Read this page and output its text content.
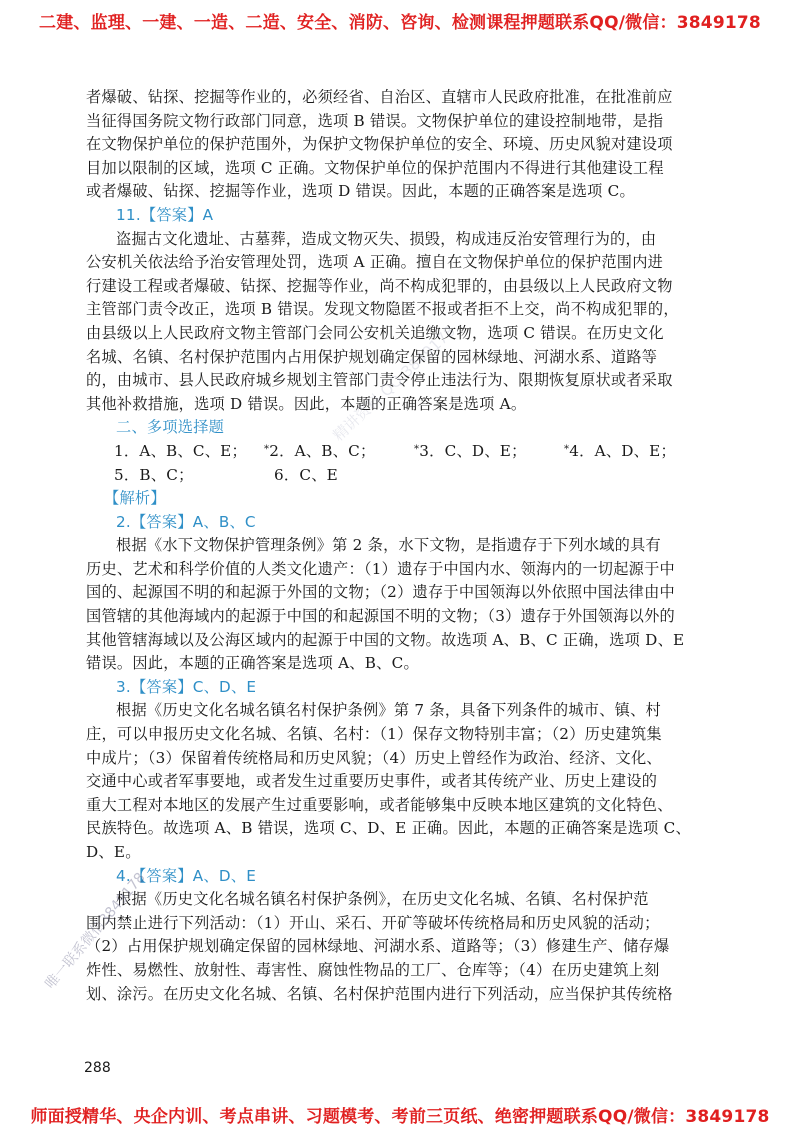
二建、监理、一建、一造、二造、安全、消防、咨询、检测课程押题联系QQ/微信：3849178
者爆破、钻探、挖掘等作业的，必须经省、自治区、直辖市人民政府批准，在批准前应
当征得国务院文物行政部门同意，选项 B 错误。文物保护单位的建设控制地带，是指
在文物保护单位的保护范围外，为保护文物保护单位的安全、环境、历史风貌对建设项
目加以限制的区域，选项 C 正确。文物保护单位的保护范围内不得进行其他建设工程
或者爆破、钻探、挖掘等作业，选项 D 错误。因此，本题的正确答案是选项 C。
11.【答案】A
盗掘古文化遗址、古墓葬，造成文物灭失、损毁，构成违反治安管理行为的，由
公安机关依法给予治安管理处罚，选项 A 正确。擅自在文物保护单位的保护范围内进
行建设工程或者爆破、钻探、挖掘等作业，尚不构成犯罪的，由县级以上人民政府文物
主管部门责令改正，选项 B 错误。发现文物隐匿不报或者拒不上交，尚不构成犯罪的，
由县级以上人民政府文物主管部门会同公安机关追缴文物，选项 C 错误。在历史文化
名城、名镇、名村保护范围内占用保护规划确定保留的园林绿地、河湖水系、道路等
的，由城市、县人民政府城乡规划主管部门责令停止违法行为、限期恢复原状或者采取
其他补救措施，选项 D 错误。因此，本题的正确答案是选项 A。
二、多项选择题
1．A、B、C、E；	*2．A、B、C；	*3．C、D、E；	*4．A、D、E；
5．B、C；	6．C、E
【解析】
2.【答案】A、B、C
根据《水下文物保护管理条例》第 2 条，水下文物，是指遗存于下列水域的具有
历史、艺术和科学价值的人类文化遗产：（1）遗存于中国内水、领海内的一切起源于中
国的、起源国不明的和起源于外国的文物；（2）遗存于中国领海以外依照中国法律由中
国管辖的其他海域内的起源于中国的和起源国不明的文物；（3）遗存于外国领海以外的
其他管辖海域以及公海区域内的起源于中国的文物。故选项 A、B、C 正确，选项 D、E
错误。因此，本题的正确答案是选项 A、B、C。
3.【答案】C、D、E
根据《历史文化名城名镇名村保护条例》第 7 条，具备下列条件的城市、镇、村
庄，可以申报历史文化名城、名镇、名村：（1）保存文物特别丰富；（2）历史建筑集
中成片；（3）保留着传统格局和历史风貌；（4）历史上曾经作为政治、经济、文化、
交通中心或者军事要地，或者发生过重要历史事件，或者其传统产业、历史上建设的
重大工程对本地区的发展产生过重要影响，或者能够集中反映本地区建筑的文化特色、
民族特色。故选项 A、B 错误，选项 C、D、E 正确。因此，本题的正确答案是选项 C、
D、E。
4.【答案】A、D、E
根据《历史文化名城名镇名村保护条例》，在历史文化名城、名镇、名村保护范
围内禁止进行下列活动：（1）开山、采石、开矿等破坏传统格局和历史风貌的活动；
（2）占用保护规划确定保留的园林绿地、河湖水系、道路等；（3）修建生产、储存爆
炸性、易燃性、放射性、毒害性、腐蚀性物品的工厂、仓库等；（4）在历史建筑上刻
划、涂污。在历史文化名城、名镇、名村保护范围内进行下列活动，应当保护其传统格
精讲资料 QQ:3849178
唯一联系微信3849178
288
师面授精华、央企内训、考点串讲、习题模考、考前三页纸、绝密押题联系QQ/微信：3849178
